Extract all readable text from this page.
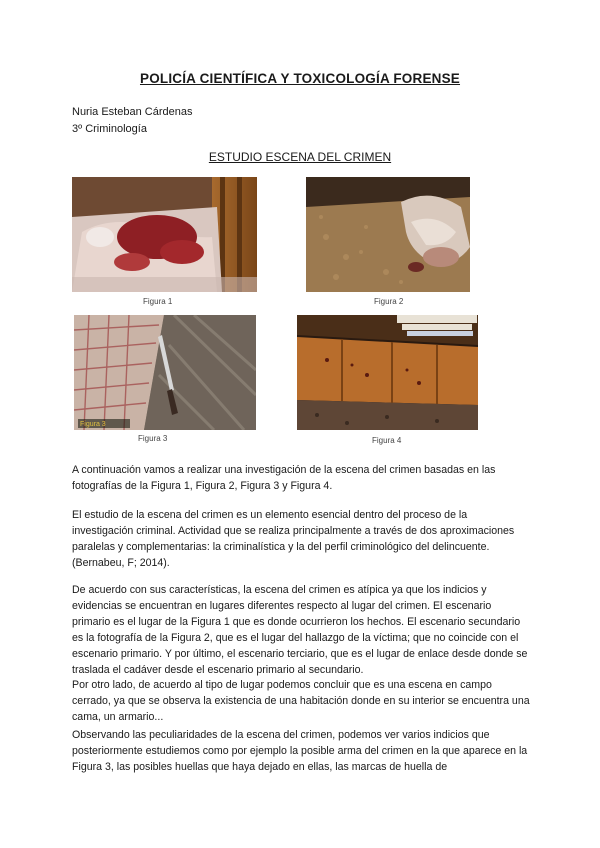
POLICÍA CIENTÍFICA Y TOXICOLOGÍA FORENSE
Nuria Esteban Cárdenas
3º Criminología
ESTUDIO ESCENA DEL CRIMEN
Figura 1	Figura 2
Figura 3
Figura 3	Figura 4

A continuación vamos a realizar una investigación de la escena del crimen basadas en las fotografías de la Figura 1, Figura 2, Figura 3 y Figura 4.

El estudio de la escena del crimen es un elemento esencial dentro del proceso de la investigación criminal. Actividad que se realiza principalmente a través de dos aproximaciones paralelas y complementarias: la criminalística y la del perfil criminológico del delincuente. (Bernabeu, F; 2014).

De acuerdo con sus características, la escena del crimen es atípica ya que los indicios y evidencias se encuentran en lugares diferentes respecto al lugar del crimen. El escenario primario es el lugar de la Figura 1 que es donde ocurrieron los hechos. El escenario secundario es la fotografía de la Figura 2, que es el lugar del hallazgo de la víctima; que no coincide con el escenario primario. Y por último, el escenario terciario, que es el lugar de enlace desde donde se traslada el cadáver desde el escenario primario al secundario.

Por otro lado, de acuerdo al tipo de lugar podemos concluir que es una escena en campo cerrado, ya que se observa la existencia de una habitación donde en su interior se encuentra una cama, un armario...

Observando las peculiaridades de la escena del crimen, podemos ver varios indicios que posteriormente estudiemos como por ejemplo la posible arma del crimen en la que aparece en la Figura 3, las posibles huellas que haya dejado en ellas, las marcas de huella de
